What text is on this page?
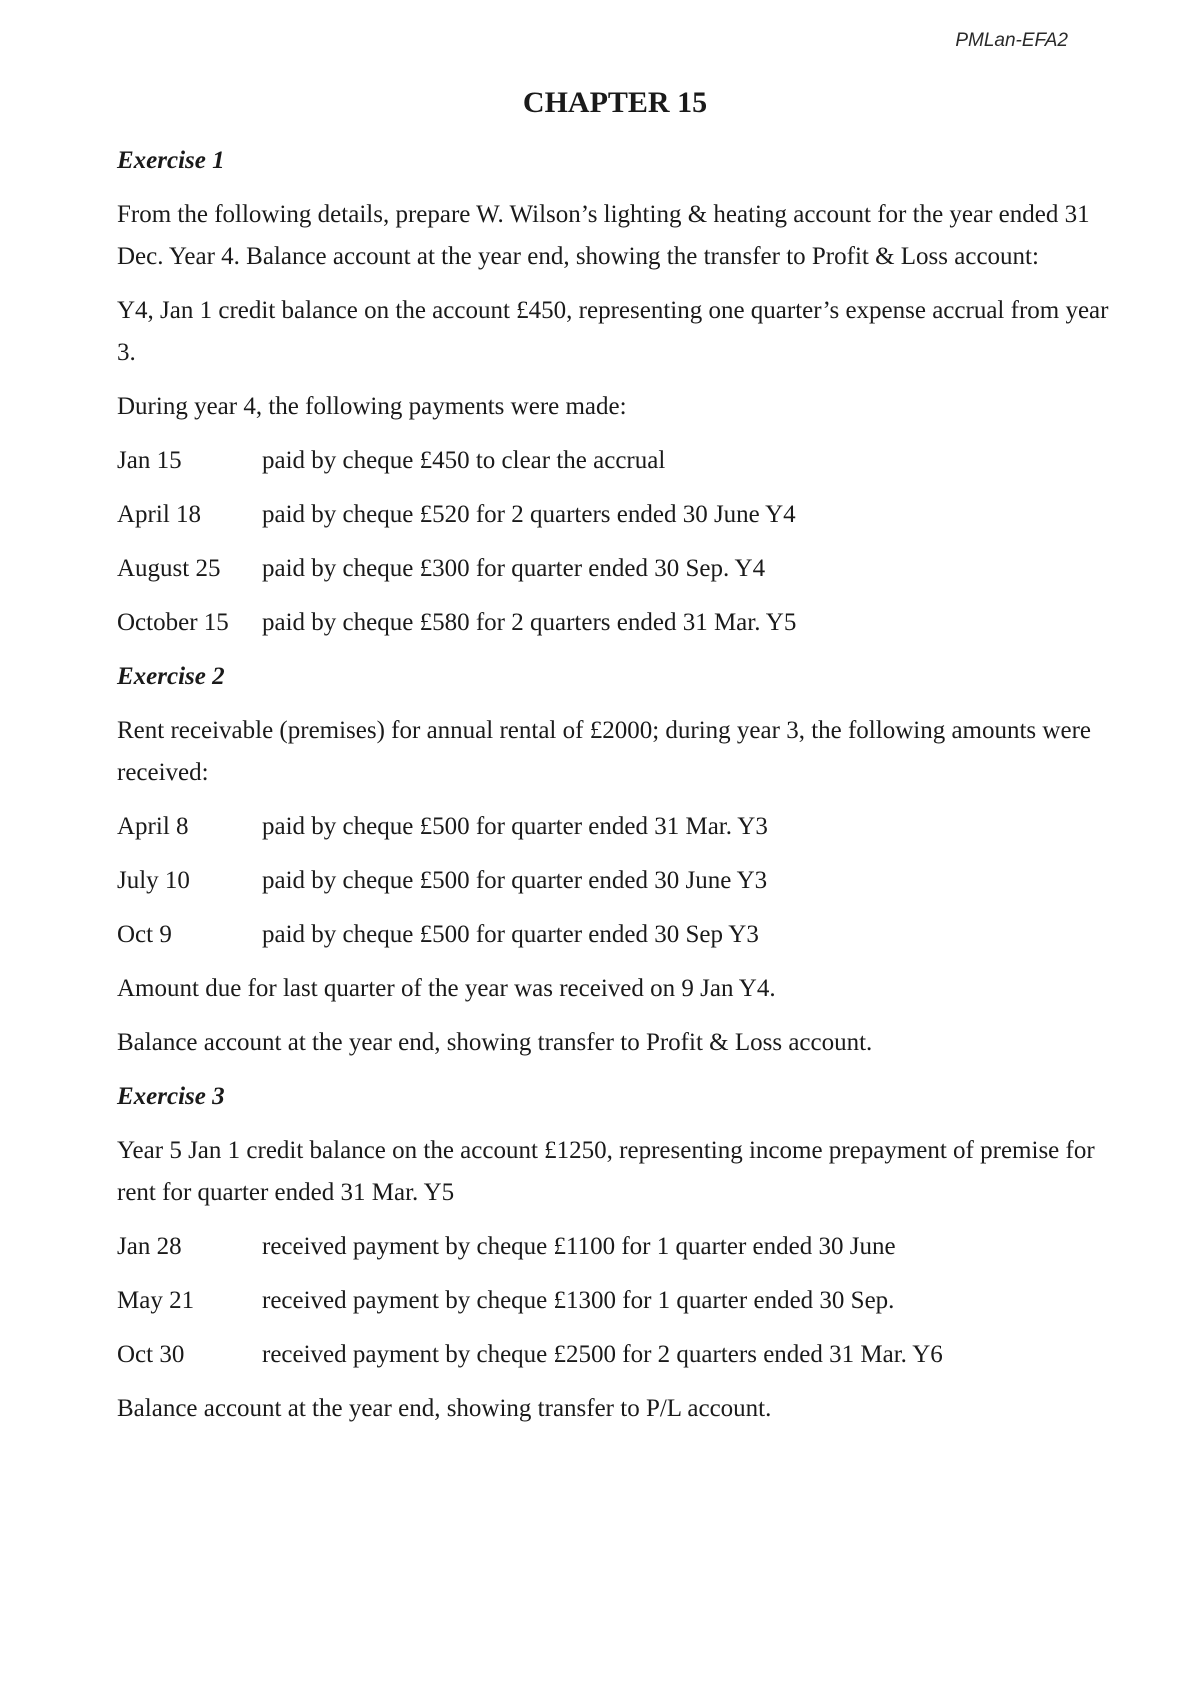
PMLan-EFA2
CHAPTER 15
Exercise 1

From the following details, prepare W. Wilson’s lighting & heating account for the year ended 31 Dec. Year 4. Balance account at the year end, showing the transfer to Profit & Loss account:

Y4, Jan 1 credit balance on the account £450, representing one quarter’s expense accrual from year 3.

During year 4, the following payments were made:

Jan 15	paid by cheque £450 to clear the accrual
April 18	paid by cheque £520 for 2 quarters ended 30 June Y4
August 25	paid by cheque £300 for quarter ended 30 Sep. Y4
October 15	paid by cheque £580 for 2 quarters ended 31 Mar. Y5
Exercise 2

Rent receivable (premises) for annual rental of £2000; during year 3, the following amounts were received:

April 8	paid by cheque £500 for quarter ended 31 Mar. Y3
July 10	paid by cheque £500 for quarter ended 30 June Y3
Oct 9	paid by cheque £500 for quarter ended 30 Sep Y3

Amount due for last quarter of the year was received on 9 Jan Y4.

Balance account at the year end, showing transfer to Profit & Loss account.

Exercise 3

Year 5 Jan 1 credit balance on the account £1250, representing income prepayment of premise for rent for quarter ended 31 Mar. Y5

Jan 28	received payment by cheque £1100 for 1 quarter ended 30 June
May 21	received payment by cheque £1300 for 1 quarter ended 30 Sep.
Oct 30	received payment by cheque £2500 for 2 quarters ended 31 Mar. Y6

Balance account at the year end, showing transfer to P/L account.
